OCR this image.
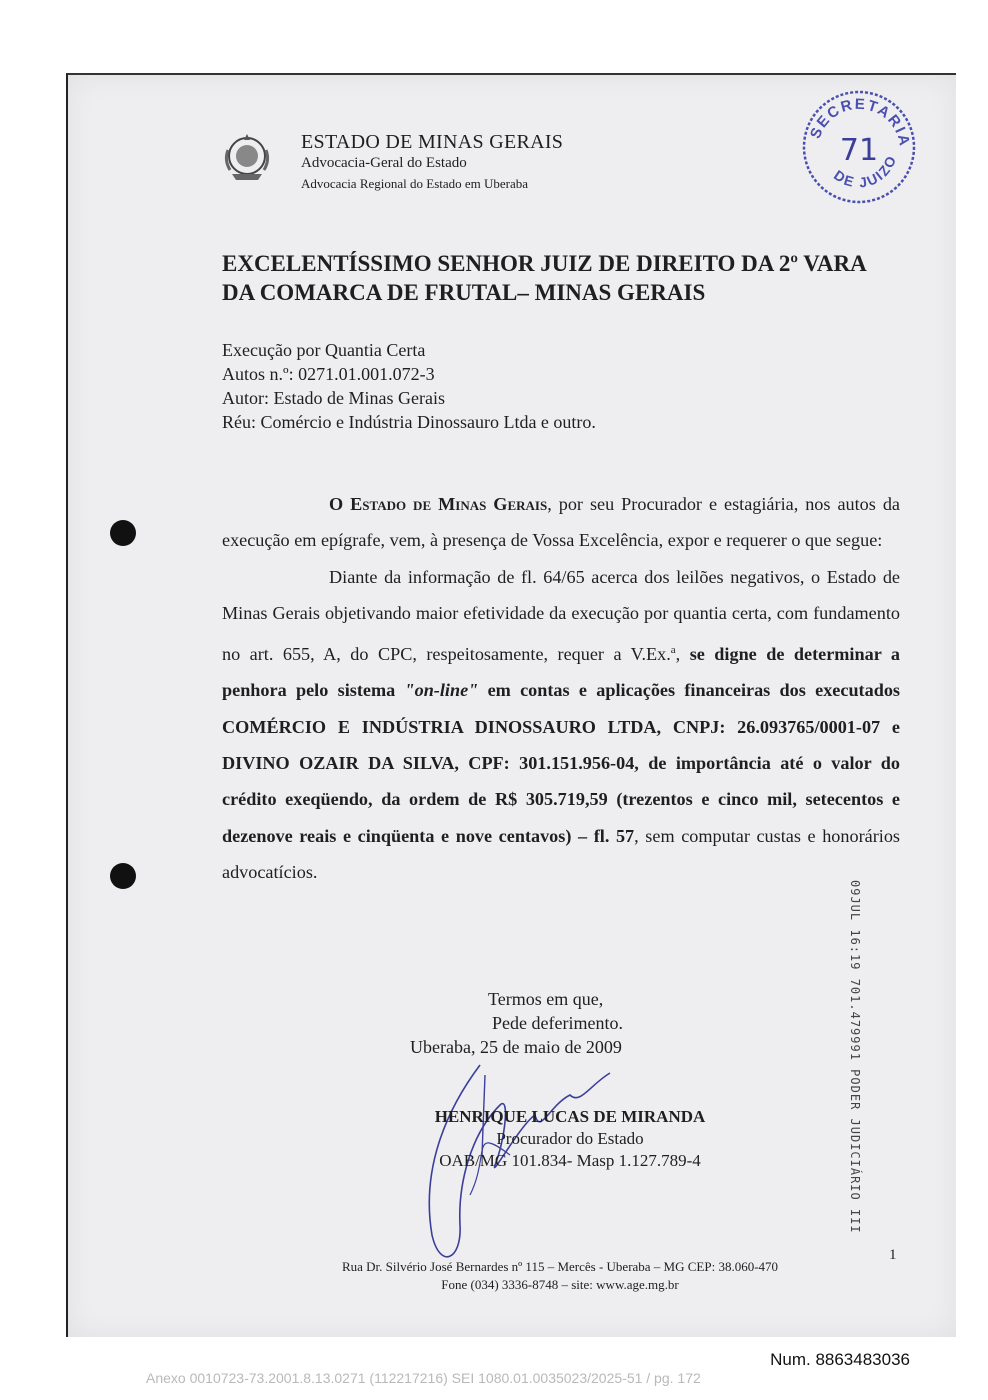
ESTADO DE MINAS GERAIS
Advocacia-Geral do Estado
Advocacia Regional do Estado em Uberaba
SECRETARIA
DE JUIZO
71
EXCELENTÍSSIMO SENHOR JUIZ DE DIREITO DA 2º VARA
DA COMARCA DE FRUTAL– MINAS GERAIS
Execução por Quantia Certa
Autos n.º: 0271.01.001.072-3
Autor: Estado de Minas Gerais
Réu: Comércio e Indústria Dinossauro Ltda e outro.

O Estado de Minas Gerais, por seu Procurador e estagiária, nos autos da execução em epígrafe, vem, à presença de Vossa Excelência, expor e requerer o que segue:

Diante da informação de fl. 64/65 acerca dos leilões negativos, o Estado de Minas Gerais objetivando maior efetividade da execução por quantia certa, com fundamento no art. 655, A, do CPC, respeitosamente, requer a V.Ex.$^a$, se digne de determinar a penhora pelo sistema "on-line" em contas e aplicações financeiras dos executados COMÉRCIO E INDÚSTRIA DINOSSAURO LTDA, CNPJ: 26.093765/0001-07 e DIVINO OZAIR DA SILVA, CPF: 301.151.956-04, de importância até o valor do crédito exeqüendo, da ordem de R$ 305.719,59 (trezentos e cinco mil, setecentos e dezenove reais e cinqüenta e nove centavos) – fl. 57, sem computar custas e honorários advocatícios.

Termos em que,
Pede deferimento.
Uberaba, 25 de maio de 2009
HENRIQUE LUCAS DE MIRANDA
Procurador do Estado
OAB/MG 101.834- Masp 1.127.789-4	09JUL 16:19 701.479991 PODER JUDICIÁRIO III
Rua Dr. Silvério José Bernardes nº 115 – Mercês - Uberaba – MG CEP: 38.060-470
Fone (034) 3336-8748 – site: www.age.mg.br
1
Num. 8863483036
Anexo 0010723-73.2001.8.13.0271 (112217216) SEI 1080.01.0035023/2025-51 / pg. 172
